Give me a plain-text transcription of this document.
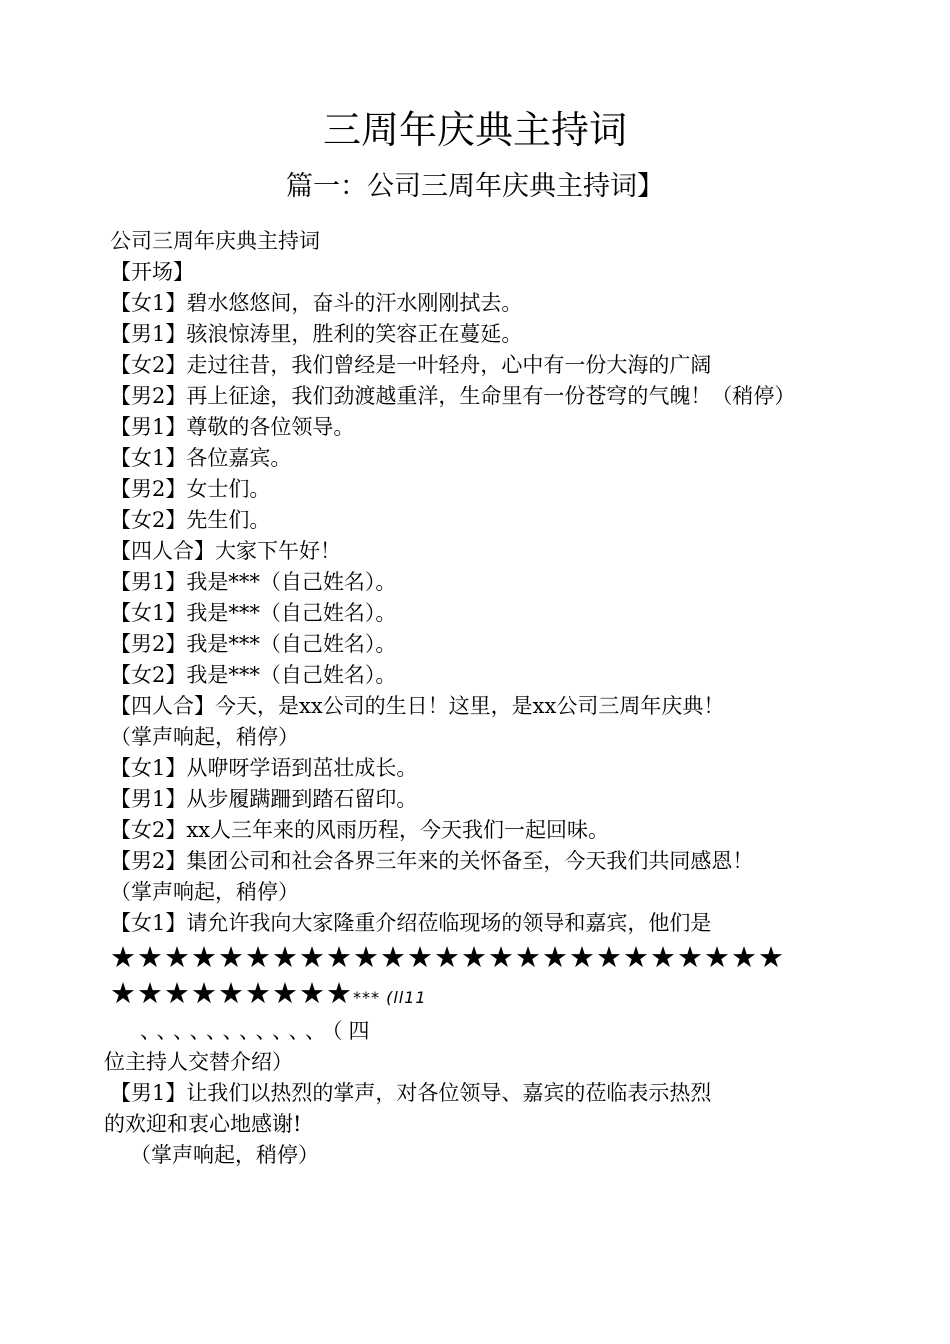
三周年庆典主持词
篇一：公司三周年庆典主持词】
公司三周年庆典主持词
【开场】
【女1】碧水悠悠间，奋斗的汗水刚刚拭去。
【男1】骇浪惊涛里，胜利的笑容正在蔓延。
【女2】走过往昔，我们曾经是一叶轻舟，心中有一份大海的广阔
【男2】再上征途，我们劲渡越重洋，生命里有一份苍穹的气魄！（稍停）
【男1】尊敬的各位领导。
【女1】各位嘉宾。
【男2】女士们。
【女2】先生们。
【四人合】大家下午好！
【男1】我是***（自己姓名）。
【女1】我是***（自己姓名）。
【男2】我是***（自己姓名）。
【女2】我是***（自己姓名）。
【四人合】今天，是xx公司的生日！这里，是xx公司三周年庆典！
（掌声响起，稍停）
【女1】从咿呀学语到茁壮成长。
【男1】从步履蹒跚到踏石留印。
【女2】xx人三年来的风雨历程，今天我们一起回味。
【男2】集团公司和社会各界三年来的关怀备至，今天我们共同感恩！
（掌声响起，稍停）
【女1】请允许我向大家隆重介绍莅临现场的领导和嘉宾，他们是
★★★★★★★★★★★★★★★★★★★★★★★★★
★★★★★★★★★*** (ll11
、、、、、、、、、、、（四
位主持人交替介绍）
【男1】让我们以热烈的掌声，对各位领导、嘉宾的莅临表示热烈
的欢迎和衷心地感谢!
（掌声响起，稍停）
